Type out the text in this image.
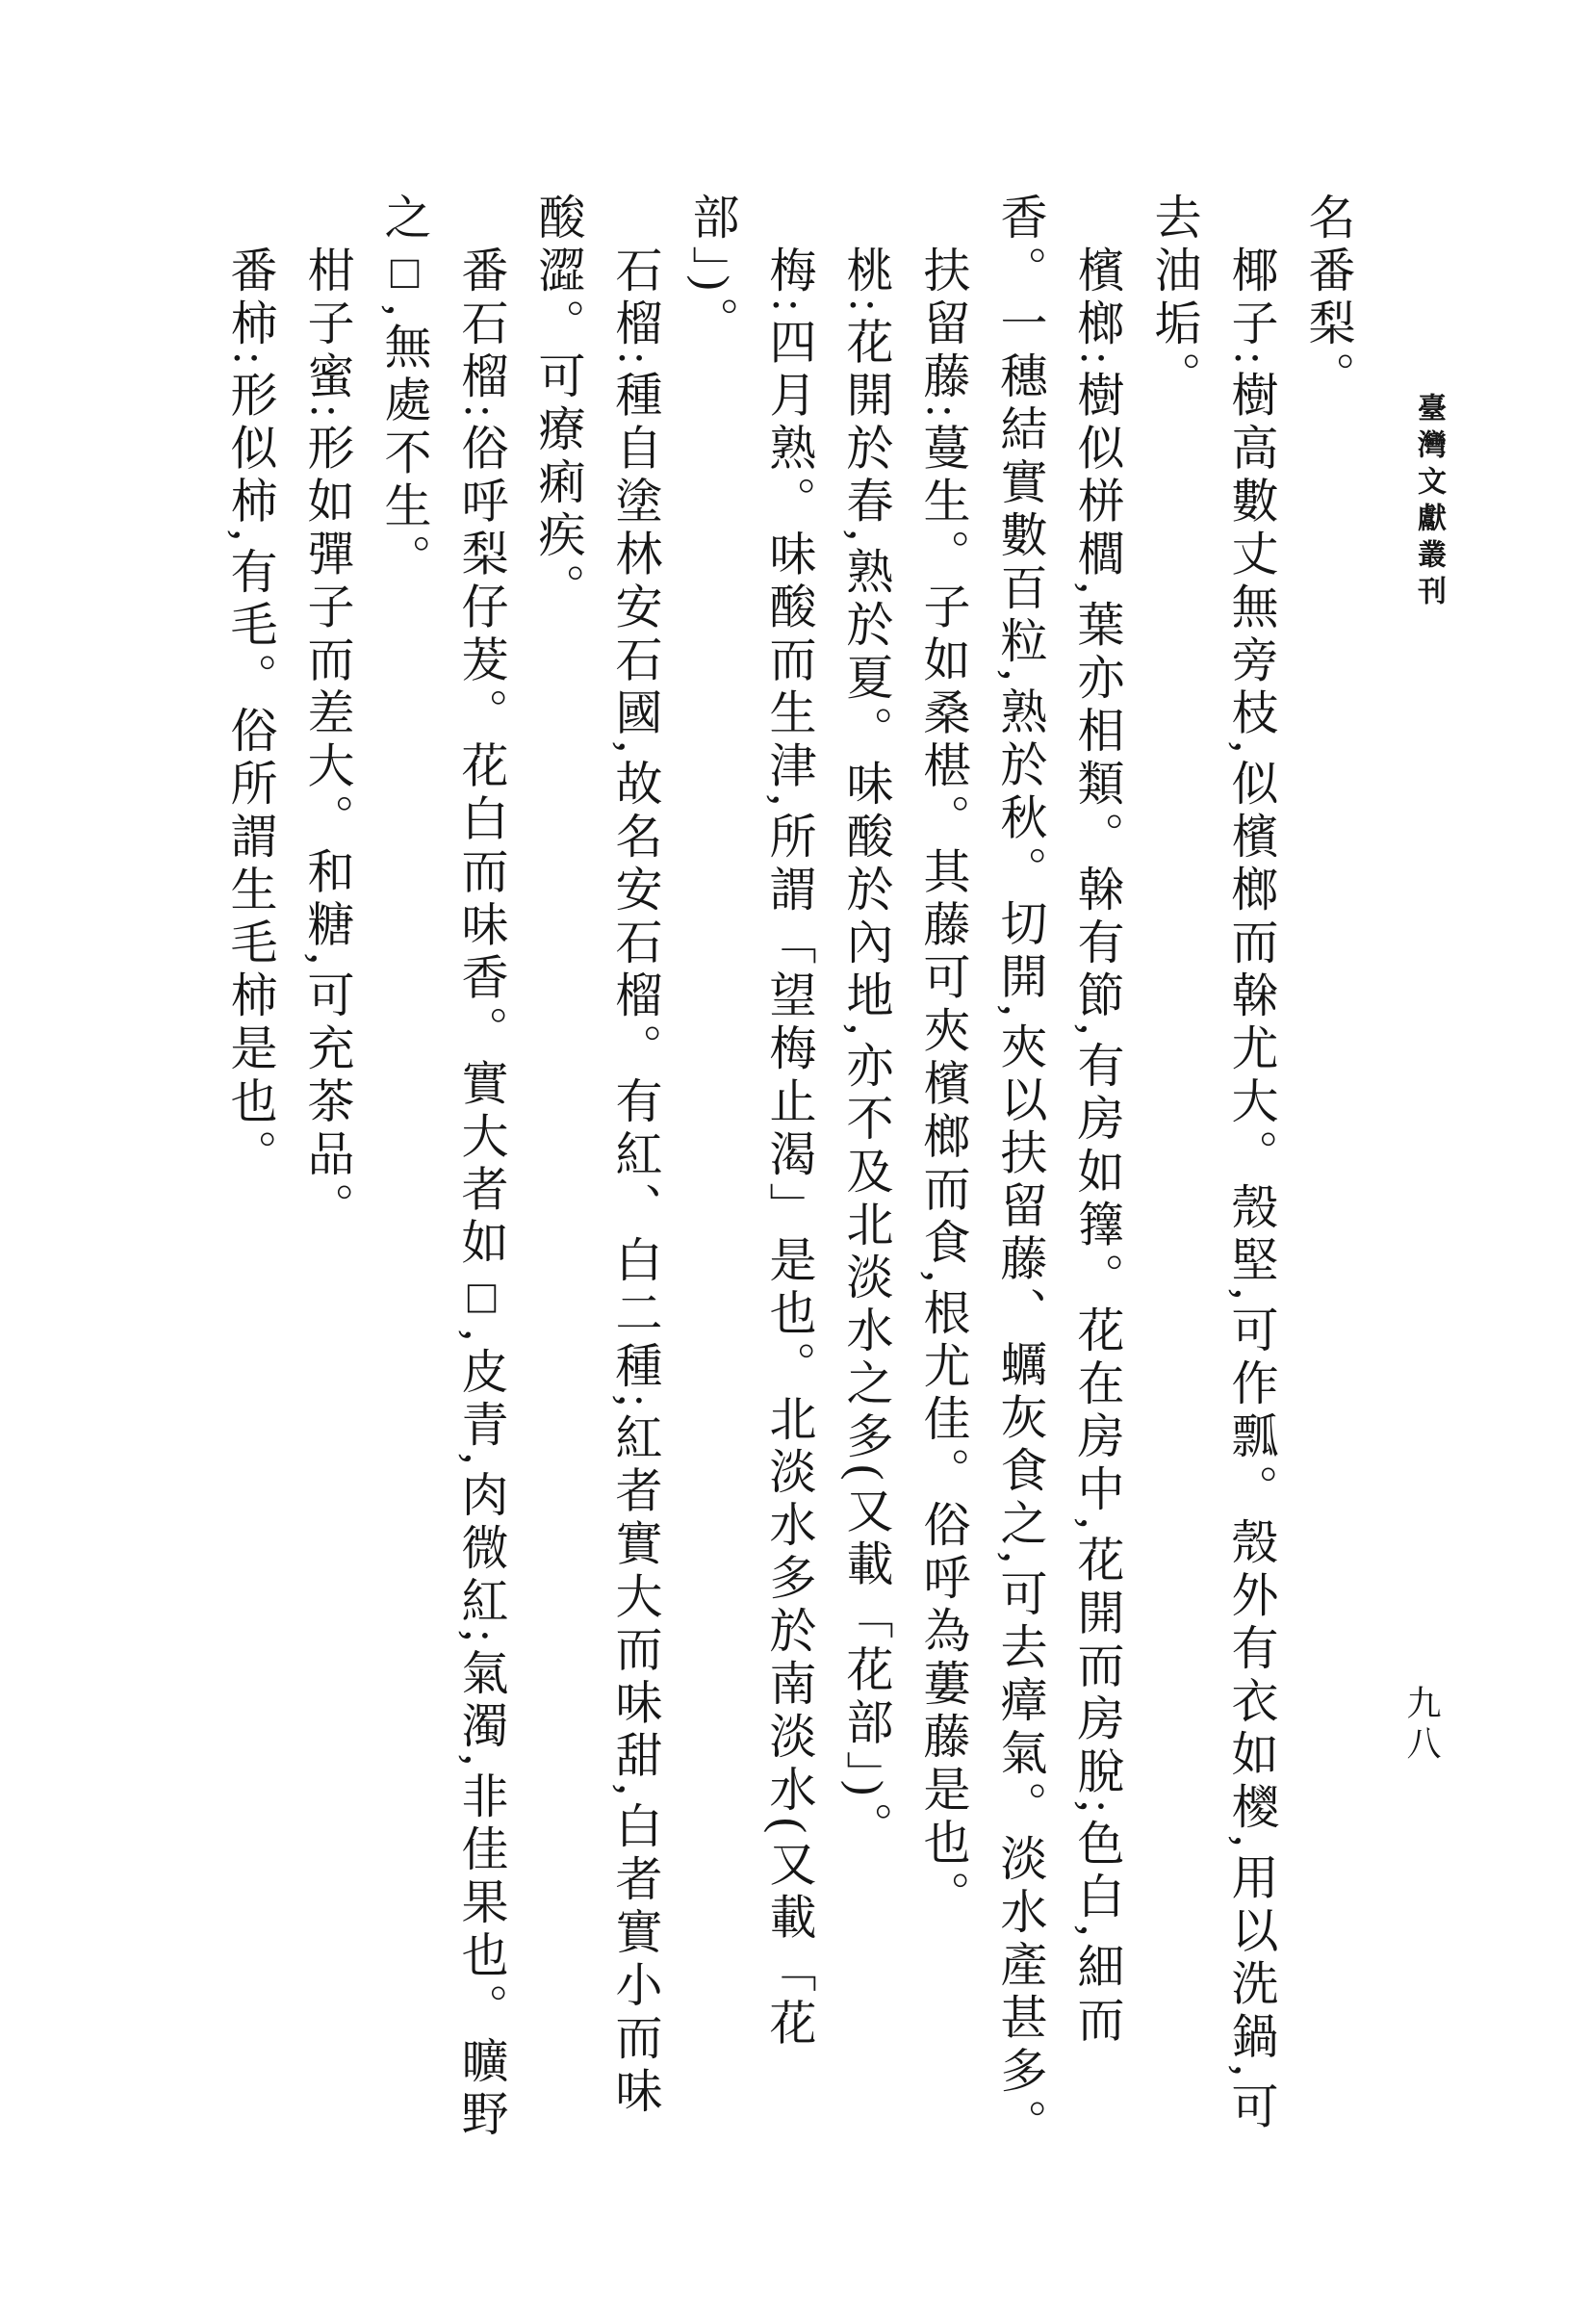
臺灣文獻叢刊

名番梨。

椰子:樹高數丈無旁枝,似檳榔而榦尤大。殼堅,可作瓢。殼外有衣如㯶,用以洗鍋,可去油垢。

檳榔:樹似栟櫚,葉亦相類。榦有節,有房如籜。花在房中,花開而房脫;色白,細而香。一穗結實數百粒,熟於秋。切開,夾以扶留藤、蠣灰食之,可去瘴氣。淡水產甚多。

扶留藤:蔓生。子如桑椹。其藤可夾檳榔而食,根尤佳。俗呼為蔞藤是也。

桃:花開於春,熟於夏。味酸於內地,亦不及北淡水之多(又載「花部」)。

梅:四月熟。味酸而生津,所謂「望梅止渴」是也。北淡水多於南淡水(又載「花部」)。

石榴:種自塗林安石國,故名安石榴。有紅、白二種;紅者實大而味甜,白者實小而味酸澀。可療痢疾。

番石榴:俗呼梨仔茇。花白而味香。實大者如□,皮青,肉微紅;氣濁,非佳果也。曠野之□,無處不生。

柑子蜜:形如彈子而差大。和糖,可充茶品。

番柿:形似柿,有毛。俗所謂生毛柿是也。

九八
